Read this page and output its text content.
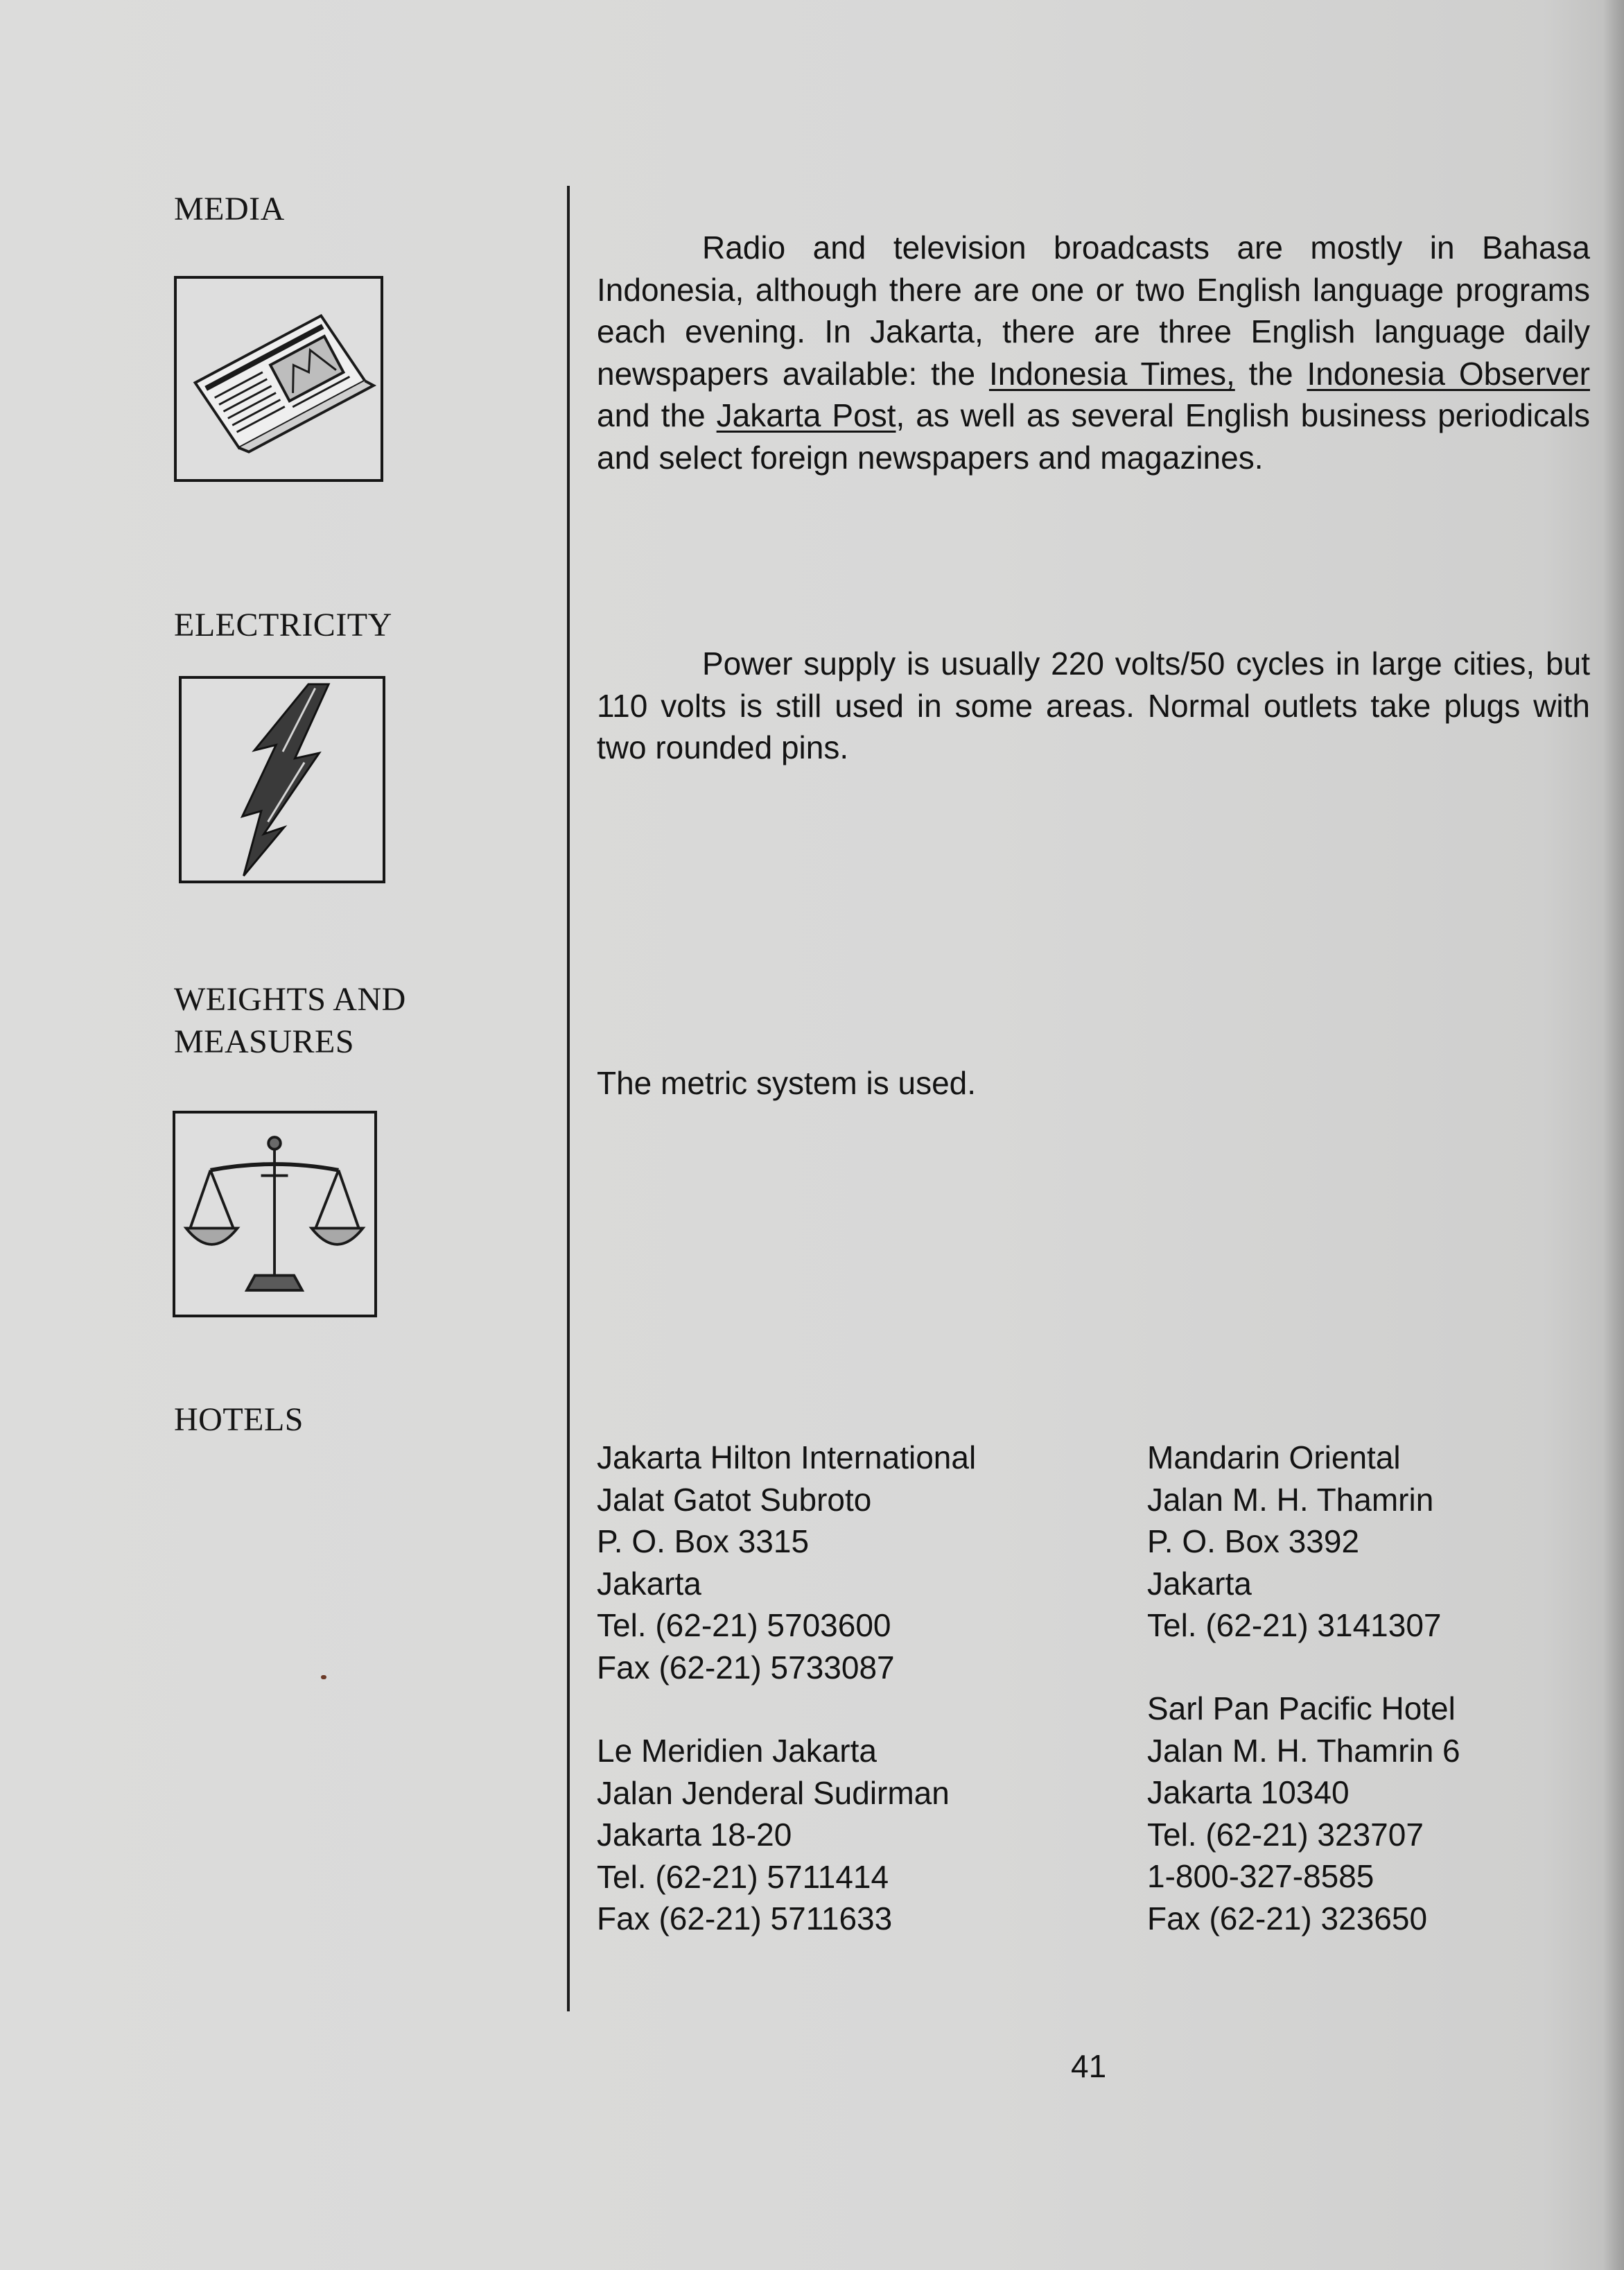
MEDIA

Radio and television broadcasts are mostly in Bahasa Indonesia, although there are one or two English language programs each evening. In Jakarta, there are three English language daily newspapers available: the Indonesia Times, the Indonesia Observer and the Jakarta Post, as well as several English business periodicals and select foreign newspapers and magazines.

ELECTRICITY

Power supply is usually 220 volts/50 cycles in large cities, but 110 volts is still used in some areas. Normal outlets take plugs with two rounded pins.

WEIGHTS AND
MEASURES

The metric system is used.

HOTELS
Jakarta Hilton International
Jalat Gatot Subroto
P. O. Box 3315
Jakarta
Tel. (62-21) 5703600
Fax (62-21) 5733087
Le Meridien Jakarta
Jalan Jenderal Sudirman
Jakarta 18-20
Tel. (62-21) 5711414
Fax (62-21) 5711633
Mandarin Oriental
Jalan M. H. Thamrin
P. O. Box 3392
Jakarta
Tel. (62-21) 3141307
Sarl Pan Pacific Hotel
Jalan M. H. Thamrin 6
Jakarta 10340
Tel. (62-21) 323707
1-800-327-8585
Fax (62-21) 323650
41
